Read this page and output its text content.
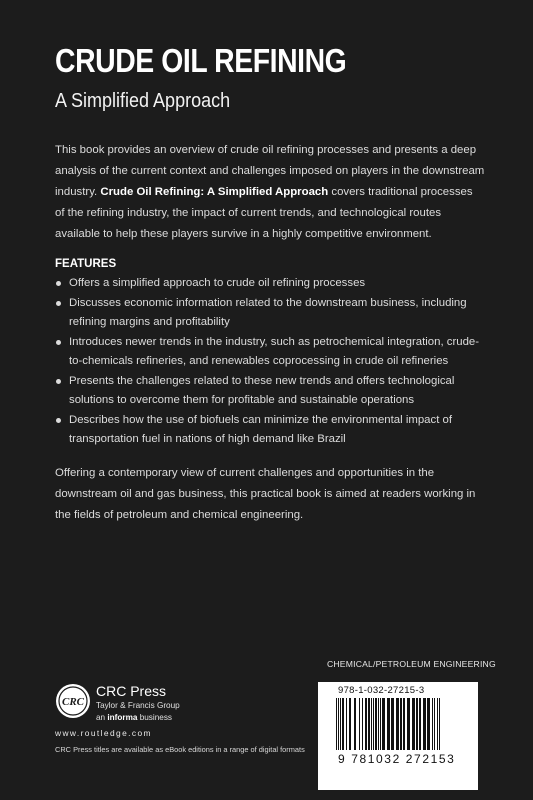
CRUDE OIL REFINING
A Simplified Approach
This book provides an overview of crude oil refining processes and presents a deep analysis of the current context and challenges imposed on players in the downstream industry. Crude Oil Refining: A Simplified Approach covers traditional processes of the refining industry, the impact of current trends, and technological routes available to help these players survive in a highly competitive environment.
FEATURES
Offers a simplified approach to crude oil refining processes
Discusses economic information related to the downstream business, including refining margins and profitability
Introduces newer trends in the industry, such as petrochemical integration, crude-to-chemicals refineries, and renewables coprocessing in crude oil refineries
Presents the challenges related to these new trends and offers technological solutions to overcome them for profitable and sustainable operations
Describes how the use of biofuels can minimize the environmental impact of transportation fuel in nations of high demand like Brazil
Offering a contemporary view of current challenges and opportunities in the downstream oil and gas business, this practical book is aimed at readers working in the fields of petroleum and chemical engineering.
CHEMICAL/PETROLEUM ENGINEERING
978-1-032-27215-3
9 781032 272153
CRC
CRC Press
Taylor & Francis Group
an informa business
www.routledge.com
CRC Press titles are available as eBook editions in a range of digital formats
